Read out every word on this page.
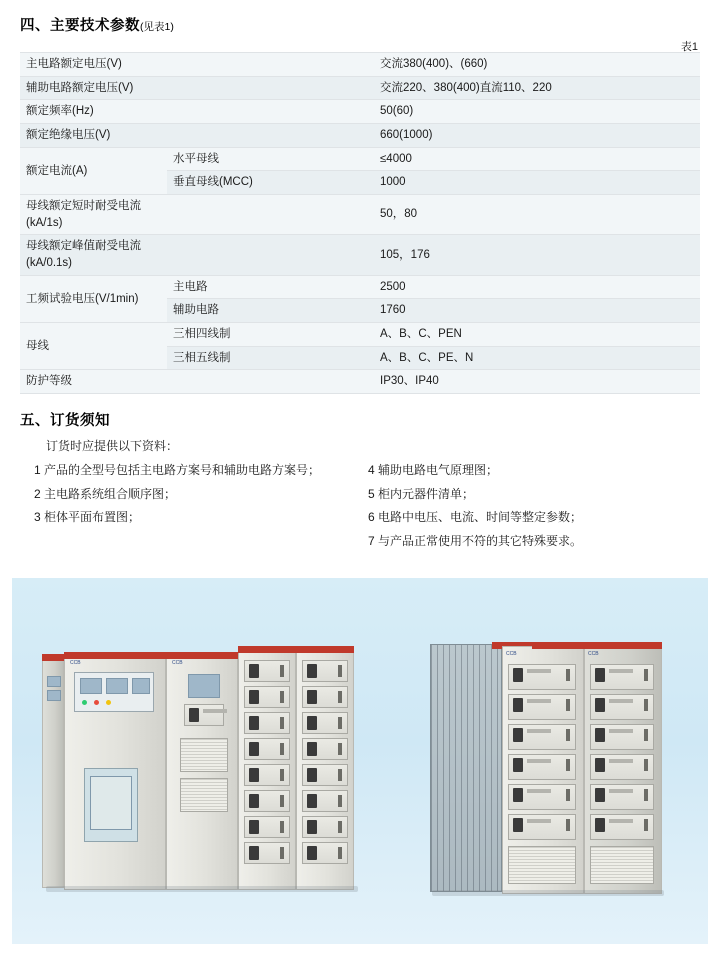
四、主要技术参数(见表1)
表1
主电路额定电压(V)		交流380(400)、(660)
辅助电路额定电压(V)		交流220、380(400)直流110、220
额定频率(Hz)		50(60)
额定绝缘电压(V)		660(1000)
额定电流(A)	水平母线	≤4000
	垂直母线(MCC)	1000
母线额定短时耐受电流(kA/1s)		50，80
母线额定峰值耐受电流(kA/0.1s)		105，176
工频试验电压(V/1min)	主电路	2500
	辅助电路	1760
母线	三相四线制	A、B、C、PEN
	三相五线制	A、B、C、PE、N
防护等级		IP30、IP40
五、订货须知
订货时应提供以下资料：
1 产品的全型号包括主电路方案号和辅助电路方案号；
2 主电路系统组合顺序图；
3 柜体平面布置图；
4 辅助电路电气原理图；
5 柜内元器件清单；
6 电路中电压、电流、时间等整定参数；
7 与产品正常使用不符的其它特殊要求。
CCB	CCB
CCB	CCB
